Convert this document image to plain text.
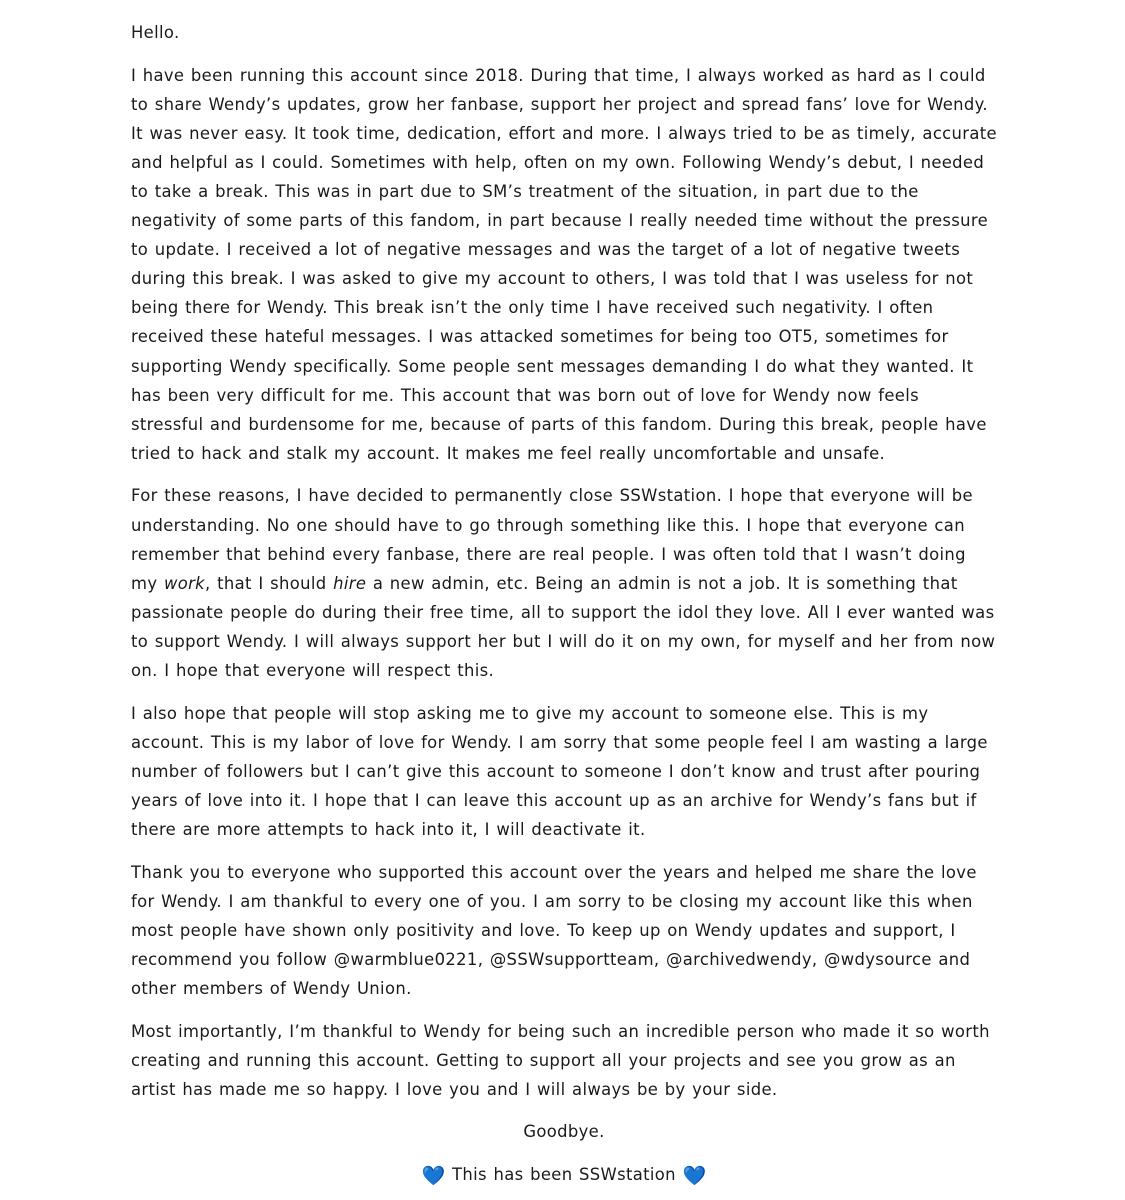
Hello.

I have been running this account since 2018. During that time, I always worked as hard as I could to share Wendy’s updates, grow her fanbase, support her project and spread fans’ love for Wendy. It was never easy. It took time, dedication, effort and more. I always tried to be as timely, accurate and helpful as I could. Sometimes with help, often on my own. Following Wendy’s debut, I needed to take a break. This was in part due to SM’s treatment of the situation, in part due to the negativity of some parts of this fandom, in part because I really needed time without the pressure to update. I received a lot of negative messages and was the target of a lot of negative tweets during this break. I was asked to give my account to others, I was told that I was useless for not being there for Wendy. This break isn’t the only time I have received such negativity. I often received these hateful messages. I was attacked sometimes for being too OT5, sometimes for supporting Wendy specifically. Some people sent messages demanding I do what they wanted. It has been very difficult for me. This account that was born out of love for Wendy now feels stressful and burdensome for me, because of parts of this fandom. During this break, people have tried to hack and stalk my account. It makes me feel really uncomfortable and unsafe.

For these reasons, I have decided to permanently close SSWstation. I hope that everyone will be understanding. No one should have to go through something like this. I hope that everyone can remember that behind every fanbase, there are real people. I was often told that I wasn’t doing my work, that I should hire a new admin, etc. Being an admin is not a job. It is something that passionate people do during their free time, all to support the idol they love. All I ever wanted was to support Wendy. I will always support her but I will do it on my own, for myself and her from now on. I hope that everyone will respect this.

I also hope that people will stop asking me to give my account to someone else. This is my account. This is my labor of love for Wendy. I am sorry that some people feel I am wasting a large number of followers but I can’t give this account to someone I don’t know and trust after pouring years of love into it. I hope that I can leave this account up as an archive for Wendy’s fans but if there are more attempts to hack into it, I will deactivate it.

Thank you to everyone who supported this account over the years and helped me share the love for Wendy. I am thankful to every one of you. I am sorry to be closing my account like this when most people have shown only positivity and love. To keep up on Wendy updates and support, I recommend you follow @warmblue0221, @SSWsupportteam, @archivedwendy, @wdysource and other members of Wendy Union.

Most importantly, I’m thankful to Wendy for being such an incredible person who made it so worth creating and running this account. Getting to support all your projects and see you grow as an artist has made me so happy. I love you and I will always be by your side.

Goodbye.

💙 This has been SSWstation 💙
